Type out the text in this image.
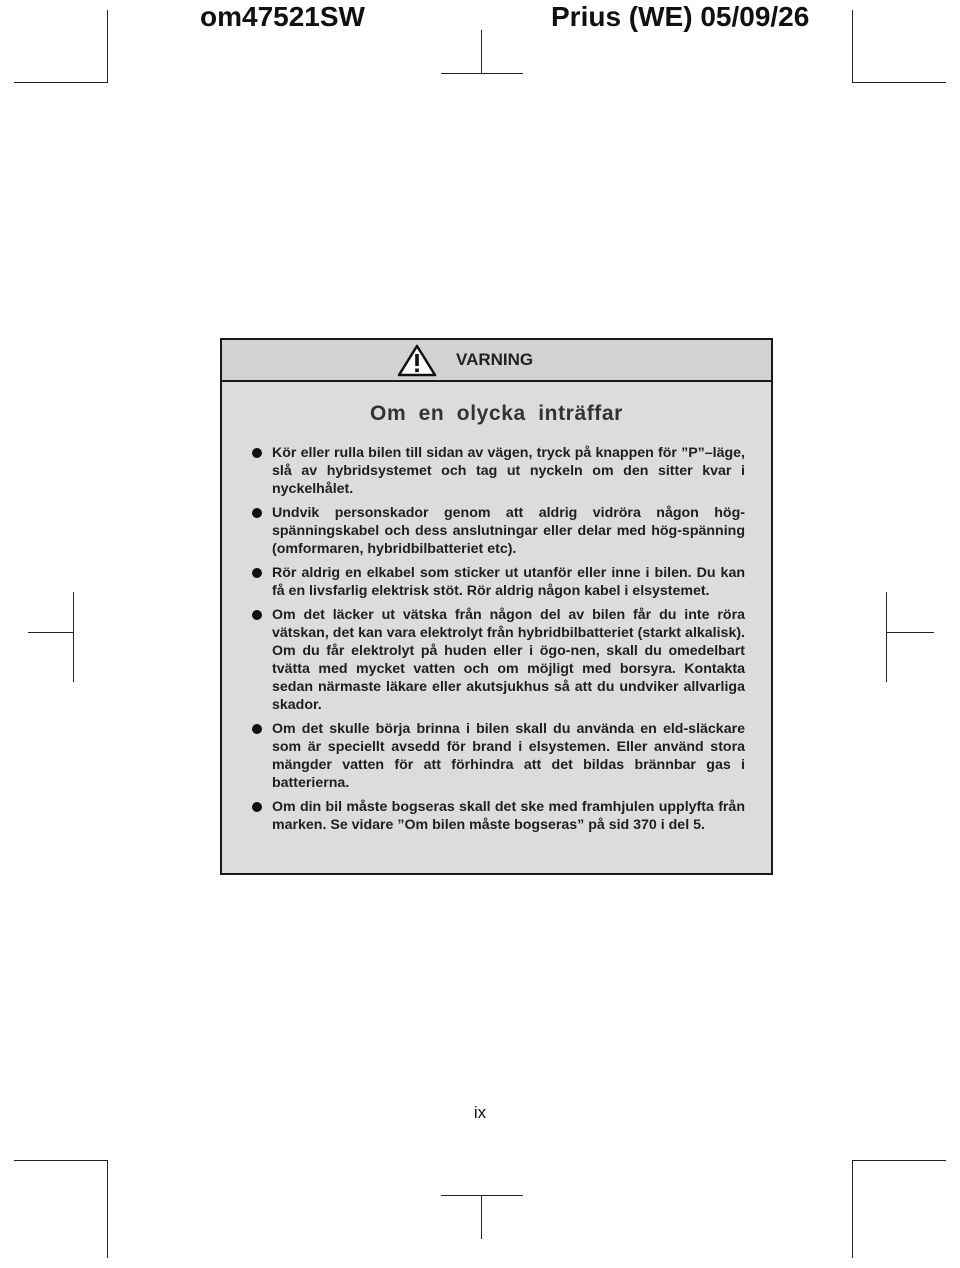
om47521SW	Prius (WE) 05/09/26
VARNING
Om en olycka inträffar
Kör eller rulla bilen till sidan av vägen, tryck på knappen för ”P”–läge, slå av hybridsystemet och tag ut nyckeln om den sitter kvar i nyckelhålet.
Undvik personskador genom att aldrig vidröra någon hög-spänningskabel och dess anslutningar eller delar med hög-spänning (omformaren, hybridbilbatteriet etc).
Rör aldrig en elkabel som sticker ut utanför eller inne i bilen. Du kan få en livsfarlig elektrisk stöt. Rör aldrig någon kabel i elsystemet.
Om det läcker ut vätska från någon del av bilen får du inte röra vätskan, det kan vara elektrolyt från hybridbilbatteriet (starkt alkalisk). Om du får elektrolyt på huden eller i ögo-nen, skall du omedelbart tvätta med mycket vatten och om möjligt med borsyra. Kontakta sedan närmaste läkare eller akutsjukhus så att du undviker allvarliga skador.
Om det skulle börja brinna i bilen skall du använda en eld-släckare som är speciellt avsedd för brand i elsystemen. Eller använd stora mängder vatten för att förhindra att det bildas brännbar gas i batterierna.
Om din bil måste bogseras skall det ske med framhjulen upplyfta från marken. Se vidare ”Om bilen måste bogseras” på sid 370 i del 5.
ix
